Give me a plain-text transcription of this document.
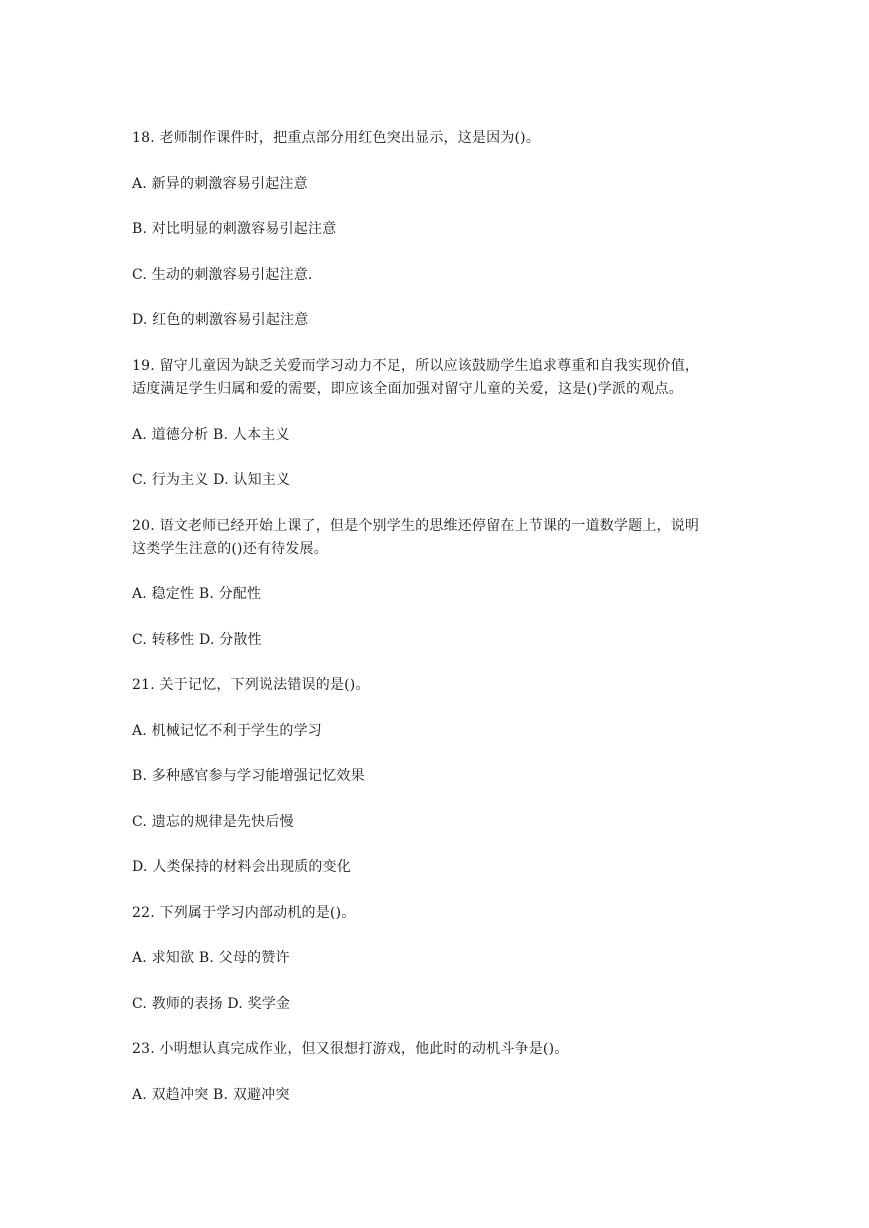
18. 老师制作课件时，把重点部分用红色突出显示，这是因为()。
A. 新异的刺激容易引起注意
B. 对比明显的刺激容易引起注意
C. 生动的刺激容易引起注意.
D. 红色的刺激容易引起注意
19. 留守儿童因为缺乏关爱而学习动力不足，所以应该鼓励学生追求尊重和自我实现价值，
适度满足学生归属和爱的需要，即应该全面加强对留守儿童的关爱，这是()学派的观点。
A. 道德分析 B. 人本主义
C. 行为主义 D. 认知主义
20. 语文老师已经开始上课了，但是个别学生的思维还停留在上节课的一道数学题上，说明
这类学生注意的()还有待发展。
A. 稳定性 B. 分配性
C. 转移性 D. 分散性
21. 关于记忆，下列说法错误的是()。
A. 机械记忆不利于学生的学习
B. 多种感官参与学习能增强记忆效果
C. 遗忘的规律是先快后慢
D. 人类保持的材料会出现质的变化
22. 下列属于学习内部动机的是()。
A. 求知欲 B. 父母的赞许
C. 教师的表扬 D. 奖学金
23. 小明想认真完成作业，但又很想打游戏，他此时的动机斗争是()。
A. 双趋冲突 B. 双避冲突
